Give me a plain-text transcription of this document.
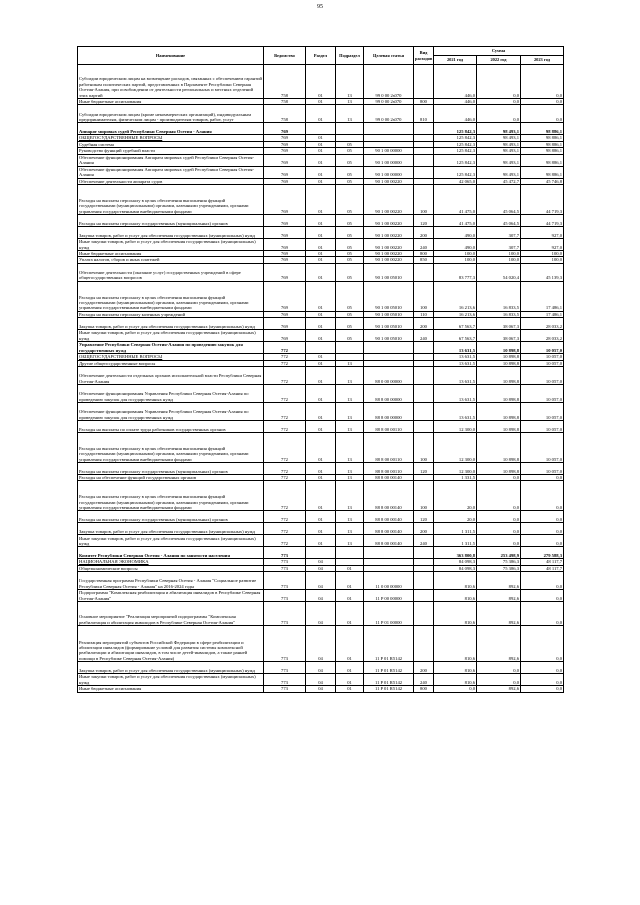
95
Наименование	Ведомство	Раздел	Подраздел	Целевая статья	Вид расходов	Сумма		
						2021 год	2022 год	2023 год
Субсидии юридическим лицам на возмещение расходов, связанных с обеспечением гарантий работникам политических партий, представленных в Парламенте Республики Северная Осетия-Алания, при освобождении от деятельности региональных и местных отделений этих партий	758	01	13	99 0 00 2s070		446,0	0,0	0,0
Иные бюджетные ассигнования	758	01	13	99 0 00 2s070	800	446,0	0,0	0,0
Субсидии юридическим лицам (кроме некоммерческих организаций), индивидуальным предпринимателям, физическим лицам - производителям товаров, работ, услуг	758	01	13	99 0 00 2s070	810	446,0	0,0	0,0
Аппарат мировых судей Республики Северная Осетия - Алания	769					125 842,3	98 493,1	98 886,1
ОБЩЕГОСУДАРСТВЕННЫЕ ВОПРОСЫ	769	01				125 842,3	98 493,1	98 886,1
Судебная система	769	01	05			125 842,3	98 493,1	98 886,1
Руководство функций судебной власти	769	01	05	90 1 00 00000		125 842,3	98 493,1	98 886,1
Обеспечение функционирования Аппарата мировых судей Республики Северная Осетия-Алания	769	01	05	90 1 00 00000		125 842,3	98 493,1	98 886,1
Обеспечение функционирования Аппарата мировых судей Республики Северная Осетия-Алания	769	01	05	90 1 00 00000		125 842,3	98 493,1	98 886,1
Обеспечение деятельности аппарата судов	769	01	05	90 1 00 00220		42 065,0	45 472,7	45 746,8
Расходы на выплаты персоналу в целях обеспечения выполнения функций государственными (муниципальными) органами, казенными учреждениями, органами управления государственными внебюджетными фондами	769	01	05	90 1 00 00220	100	41 475,0	45 064,5	44 719,3
Расходы на выплаты персоналу государственных (муниципальных) органов	769	01	05	90 1 00 00220	120	41 475,0	45 064,5	44 719,3
Закупка товаров, работ и услуг для обеспечения государственных (муниципальных) нужд	769	01	05	90 1 00 00220	200	490,0	307,7	927,0
Иные закупки товаров, работ и услуг для обеспечения государственных (муниципальных) нужд	769	01	05	90 1 00 00220	240	490,0	307,7	927,0
Иные бюджетные ассигнования	769	01	05	90 1 00 00220	800	100,0	100,0	100,0
Уплата налогов, сборов и иных платежей	769	01	05	90 1 00 00220	850	100,0	100,0	100,0
Обеспечение деятельности (оказание услуг) государственных учреждений в сфере общегосударственных вопросов	769	01	05	90 1 00 05010		83 777,3	54 020,4	45 139,3
Расходы на выплаты персоналу в целях обеспечения выполнения функций государственными (муниципальными) органами, казенными учреждениями, органами управления государственными внебюджетными фондами	769	01	05	90 1 00 05010	100	16 213,6	16 833,5	17 486,1
Расходы на выплаты персоналу казенных учреждений	769	01	05	90 1 00 05010	110	16 213,6	16 833,5	17 486,1
Закупка товаров, работ и услуг для обеспечения государственных (муниципальных) нужд	769	01	05	90 1 00 05010	200	67 563,7	38 067,3	28 033,2
Иные закупки товаров, работ и услуг для обеспечения государственных (муниципальных) нужд	769	01	05	90 1 00 05010	240	67 563,7	38 067,3	28 033,2
Управление Республики Северная Осетия-Алания по проведению закупок для государственных нужд	772					13 631,5	10 898,8	10 057,0
ОБЩЕГОСУДАРСТВЕННЫЕ ВОПРОСЫ	772	01				13 631,5	10 898,8	10 057,0
Другие общегосударственные вопросы	772	01	13			13 631,5	10 898,8	10 057,0
Обеспечение деятельности отдельных органов исполнительной власти Республики Северная Осетия-Алания	772	01	13	88 0 00 00000		13 631,5	10 898,8	10 057,0
Обеспечение функционирования Управления Республики Северная Осетия-Алания по проведению закупок для государственных нужд	772	01	13	88 8 00 00000		13 631,5	10 898,8	10 057,0
Обеспечение функционирования Управления Республики Северная Осетия-Алания по проведению закупок для государственных нужд	772	01	13	88 8 00 00000		13 631,5	10 898,8	10 057,0
Расходы на выплаты по оплате труда работников государственных органов	772	01	13	88 8 00 00110		12 300,0	10 898,8	10 057,0
Расходы на выплаты персоналу в целях обеспечения выполнения функций государственными (муниципальными) органами, казенными учреждениями, органами управления государственными внебюджетными фондами	772	01	13	88 8 00 00110	100	12 300,0	10 898,8	10 057,0
Расходы на выплаты персоналу государственных (муниципальных) органов	772	01	13	88 8 00 00110	120	12 300,0	10 898,8	10 057,0
Расходы на обеспечение функций государственных органов	772	01	13	88 8 00 00140		1 331,5	0,0	0,0
Расходы на выплаты персоналу в целях обеспечения выполнения функций государственными (муниципальными) органами, казенными учреждениями, органами управления государственными внебюджетными фондами	772	01	13	88 8 00 00140	100	20,0	0,0	0,0
Расходы на выплаты персоналу государственных (муниципальных) органов	772	01	13	88 8 00 00140	120	20,0	0,0	0,0
Закупка товаров, работ и услуг для обеспечения государственных (муниципальных) нужд	772	01	13	88 8 00 00140	200	1 311,5	0,0	0,0
Иные закупки товаров, работ и услуг для обеспечения государственных (муниципальных) нужд	772	01	13	88 8 00 00140	240	1 311,5	0,0	0,0
Комитет Республики Северная Осетия - Алания по занятости населения	773					363 800,8	253 498,9	279 588,3
НАЦИОНАЛЬНАЯ ЭКОНОМИКА	773	04				84 098,3	75 386,3	48 117,7
Общеэкономические вопросы	773	04	01			84 098,3	75 386,3	48 117,7
Государственная программа Республики Северная Осетия - Алания "Социальное развитие Республики Северная Осетия - Алания" на 2016-2024 годы	773	04	01	11 0 00 00000		810,6	892,6	0,0
Подпрограмма "Комплексная реабилитация и абилитация инвалидов в Республике Северная Осетия-Алания"	773	04	01	11 P 00 00000		810,6	892,6	0,0
Основное мероприятие "Реализация мероприятий подпрограммы "Комплексная реабилитация и абилитация инвалидов в Республике Северная Осетия-Алания"	773	04	01	11 P 01 00000		810,6	892,6	0,0
Реализация мероприятий субъектов Российской Федерации в сфере реабилитации и абилитации инвалидов (формирование условий для развития системы комплексной реабилитации и абилитации инвалидов, в том числе детей-инвалидов, а также ранней помощи в Республике Северная Осетия-Алания)	773	04	01	11 P 01 R5142		810,6	892,6	0,0
Закупка товаров, работ и услуг для обеспечения государственных (муниципальных) нужд	773	04	01	11 P 01 R5142	200	810,6	0,0	0,0
Иные закупки товаров, работ и услуг для обеспечения государственных (муниципальных) нужд	773	04	01	11 P 01 R5142	240	810,6	0,0	0,0
Иные бюджетные ассигнования	773	04	01	11 P 01 R5142	800	0,0	892,6	0,0
